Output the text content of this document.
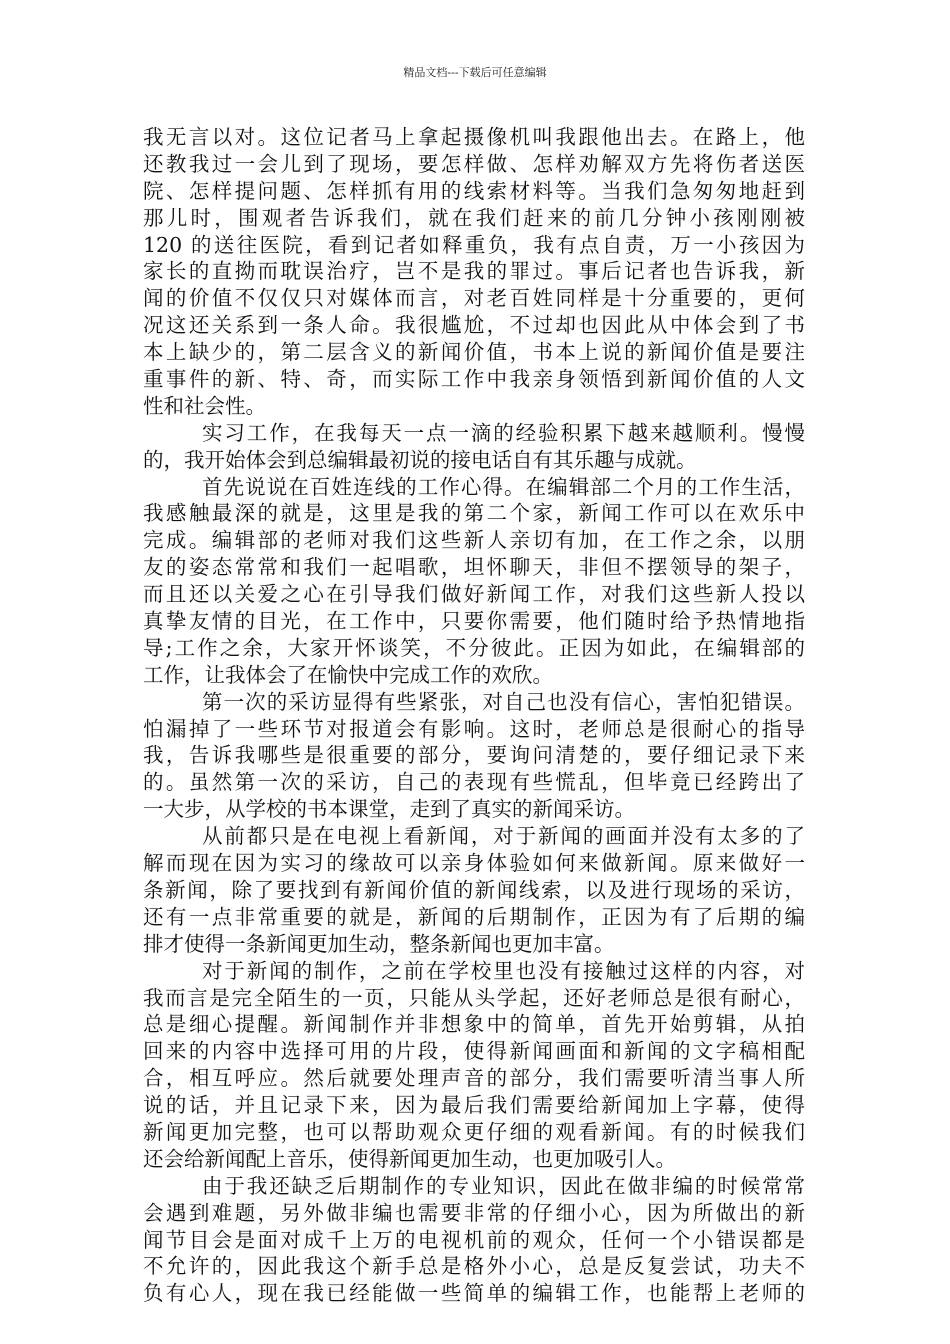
精品文档---下载后可任意编辑
我无言以对。这位记者马上拿起摄像机叫我跟他出去。在路上，他
还教我过一会儿到了现场，要怎样做、怎样劝解双方先将伤者送医
院、怎样提问题、怎样抓有用的线索材料等。当我们急匆匆地赶到
那儿时，围观者告诉我们，就在我们赶来的前几分钟小孩刚刚被
120 的送往医院，看到记者如释重负，我有点自责，万一小孩因为
家长的直拗而耽误治疗，岂不是我的罪过。事后记者也告诉我，新
闻的价值不仅仅只对媒体而言，对老百姓同样是十分重要的，更何
况这还关系到一条人命。我很尴尬，不过却也因此从中体会到了书
本上缺少的，第二层含义的新闻价值，书本上说的新闻价值是要注
重事件的新、特、奇，而实际工作中我亲身领悟到新闻价值的人文
性和社会性。
实习工作，在我每天一点一滴的经验积累下越来越顺利。慢慢
的，我开始体会到总编辑最初说的接电话自有其乐趣与成就。
首先说说在百姓连线的工作心得。在编辑部二个月的工作生活，
我感触最深的就是，这里是我的第二个家，新闻工作可以在欢乐中
完成。编辑部的老师对我们这些新人亲切有加，在工作之余，以朋
友的姿态常常和我们一起唱歌，坦怀聊天，非但不摆领导的架子，
而且还以关爱之心在引导我们做好新闻工作，对我们这些新人投以
真挚友情的目光，在工作中，只要你需要，他们随时给予热情地指
导;工作之余，大家开怀谈笑，不分彼此。正因为如此，在编辑部的
工作，让我体会了在愉快中完成工作的欢欣。
第一次的采访显得有些紧张，对自己也没有信心，害怕犯错误。
怕漏掉了一些环节对报道会有影响。这时，老师总是很耐心的指导
我，告诉我哪些是很重要的部分，要询问清楚的，要仔细记录下来
的。虽然第一次的采访，自己的表现有些慌乱，但毕竟已经跨出了
一大步，从学校的书本课堂，走到了真实的新闻采访。
从前都只是在电视上看新闻，对于新闻的画面并没有太多的了
解而现在因为实习的缘故可以亲身体验如何来做新闻。原来做好一
条新闻，除了要找到有新闻价值的新闻线索，以及进行现场的采访，
还有一点非常重要的就是，新闻的后期制作，正因为有了后期的编
排才使得一条新闻更加生动，整条新闻也更加丰富。
对于新闻的制作，之前在学校里也没有接触过这样的内容，对
我而言是完全陌生的一页，只能从头学起，还好老师总是很有耐心，
总是细心提醒。新闻制作并非想象中的简单，首先开始剪辑，从拍
回来的内容中选择可用的片段，使得新闻画面和新闻的文字稿相配
合，相互呼应。然后就要处理声音的部分，我们需要听清当事人所
说的话，并且记录下来，因为最后我们需要给新闻加上字幕，使得
新闻更加完整，也可以帮助观众更仔细的观看新闻。有的时候我们
还会给新闻配上音乐，使得新闻更加生动，也更加吸引人。
由于我还缺乏后期制作的专业知识，因此在做非编的时候常常
会遇到难题，另外做非编也需要非常的仔细小心，因为所做出的新
闻节目会是面对成千上万的电视机前的观众，任何一个小错误都是
不允许的，因此我这个新手总是格外小心，总是反复尝试，功夫不
负有心人，现在我已经能做一些简单的编辑工作，也能帮上老师的
